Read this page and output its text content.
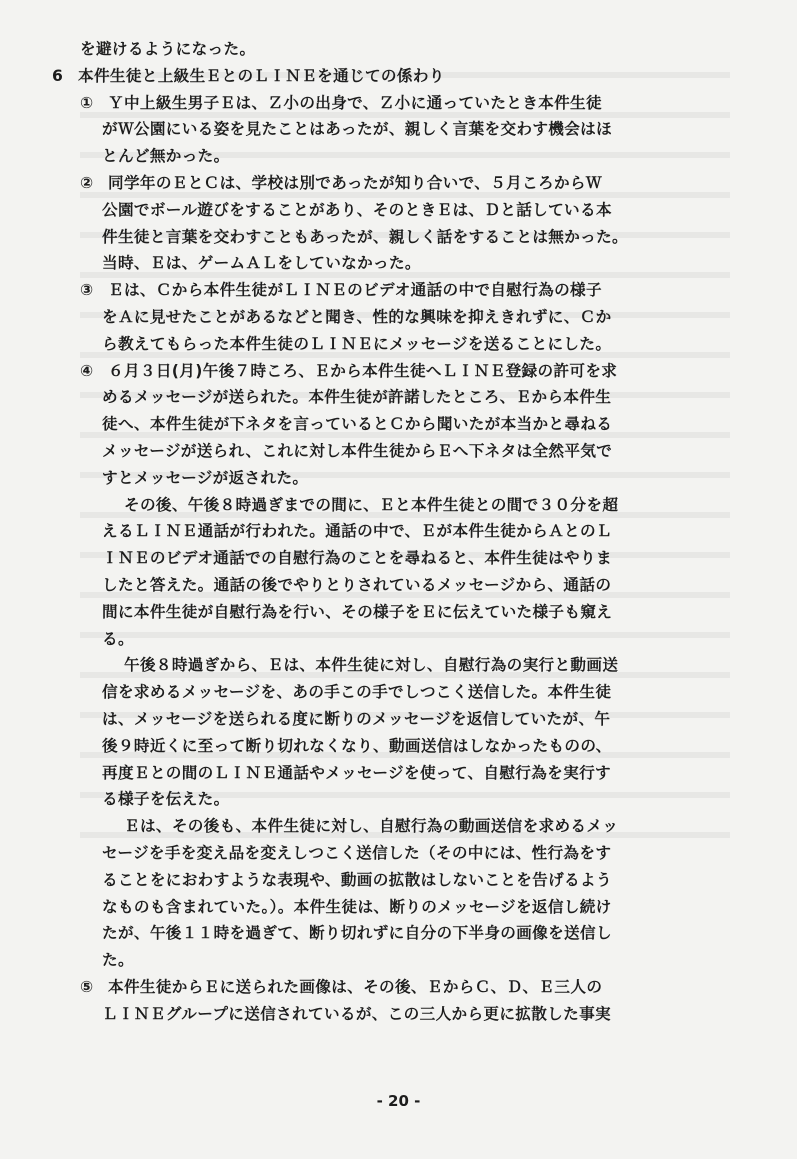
を避けるようになった。
6 本件生徒と上級生ＥとのＬＩＮＥを通じての係わり
① Ｙ中上級生男子Ｅは、Ｚ小の出身で、Ｚ小に通っていたとき本件生徒
がＷ公園にいる姿を見たことはあったが、親しく言葉を交わす機会はほ
とんど無かった。
② 同学年のＥとＣは、学校は別であったが知り合いで、５月ころからＷ
公園でボール遊びをすることがあり、そのときＥは、Ｄと話している本
件生徒と言葉を交わすこともあったが、親しく話をすることは無かった。
当時、Ｅは、ゲームＡＬをしていなかった。
③ Ｅは、Ｃから本件生徒がＬＩＮＥのビデオ通話の中で自慰行為の様子
をＡに見せたことがあるなどと聞き、性的な興味を抑えきれずに、Ｃか
ら教えてもらった本件生徒のＬＩＮＥにメッセージを送ることにした。
④ ６月３日(月)午後７時ころ、Ｅから本件生徒へＬＩＮＥ登録の許可を求
めるメッセージが送られた。本件生徒が許諾したところ、Ｅから本件生
徒へ、本件生徒が下ネタを言っているとＣから聞いたが本当かと尋ねる
メッセージが送られ、これに対し本件生徒からＥへ下ネタは全然平気で
すとメッセージが返された。
その後、午後８時過ぎまでの間に、Ｅと本件生徒との間で３０分を超
えるＬＩＮＥ通話が行われた。通話の中で、Ｅが本件生徒からＡとのＬ
ＩＮＥのビデオ通話での自慰行為のことを尋ねると、本件生徒はやりま
したと答えた。通話の後でやりとりされているメッセージから、通話の
間に本件生徒が自慰行為を行い、その様子をＥに伝えていた様子も窺え
る。
午後８時過ぎから、Ｅは、本件生徒に対し、自慰行為の実行と動画送
信を求めるメッセージを、あの手この手でしつこく送信した。本件生徒
は、メッセージを送られる度に断りのメッセージを返信していたが、午
後９時近くに至って断り切れなくなり、動画送信はしなかったものの、
再度Ｅとの間のＬＩＮＥ通話やメッセージを使って、自慰行為を実行す
る様子を伝えた。
Ｅは、その後も、本件生徒に対し、自慰行為の動画送信を求めるメッ
セージを手を変え品を変えしつこく送信した（その中には、性行為をす
ることをにおわすような表現や、動画の拡散はしないことを告げるよう
なものも含まれていた。）。本件生徒は、断りのメッセージを返信し続け
たが、午後１１時を過ぎて、断り切れずに自分の下半身の画像を送信し
た。
⑤ 本件生徒からＥに送られた画像は、その後、ＥからＣ、Ｄ、Ｅ三人の
ＬＩＮＥグループに送信されているが、この三人から更に拡散した事実
- 20 -
